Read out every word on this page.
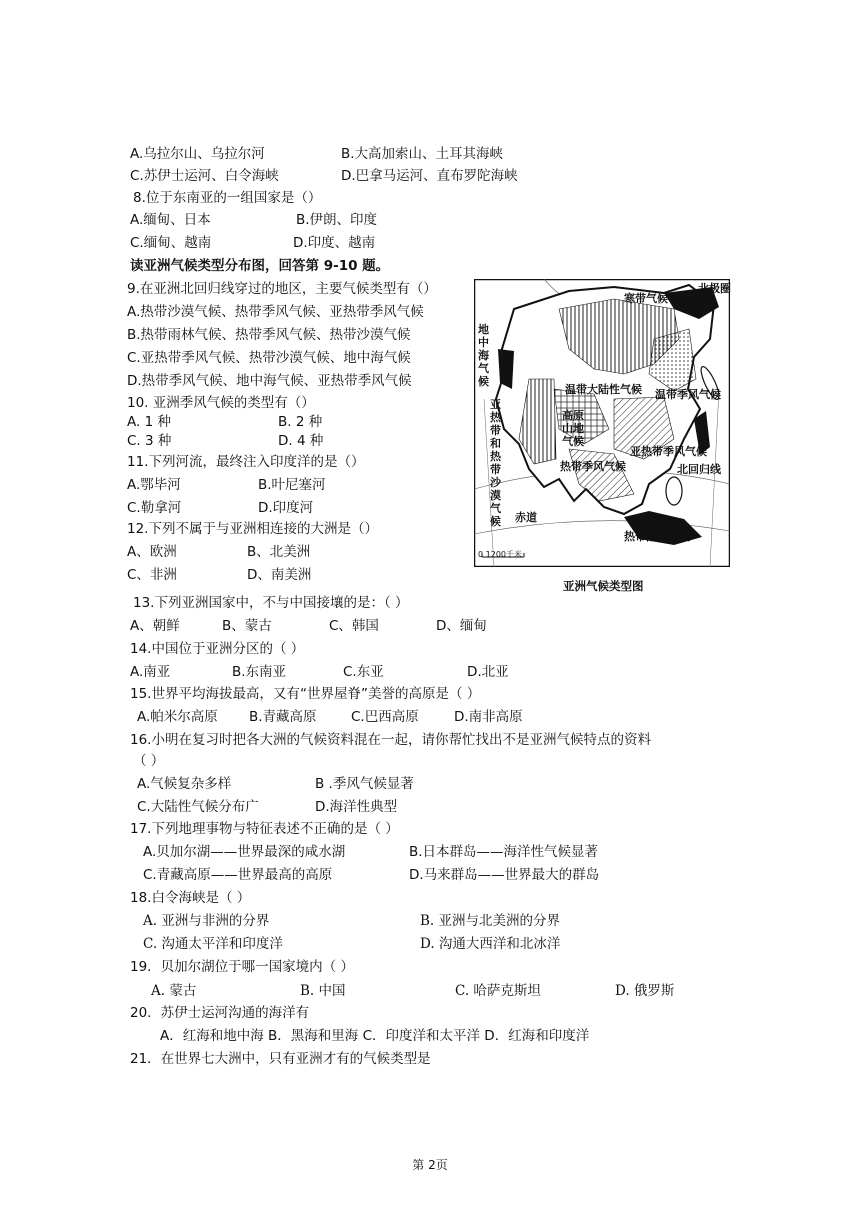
A.乌拉尔山、乌拉尔河	B.大高加索山、土耳其海峡
C.苏伊士运河、白令海峡	D.巴拿马运河、直布罗陀海峡
8.位于东南亚的一组国家是（）
A.缅甸、日本	B.伊朗、印度
C.缅甸、越南	D.印度、越南
读亚洲气候类型分布图，回答第 9-10 题。
9.在亚洲北回归线穿过的地区，主要气候类型有（）
A.热带沙漠气候、热带季风气候、亚热带季风气候
B.热带雨林气候、热带季风气候、热带沙漠气候
C.亚热带季风气候、热带沙漠气候、地中海气候
D.热带季风气候、地中海气候、亚热带季风气候
10. 亚洲季风气候的类型有（）
A. 1 种	B. 2 种
C. 3 种	D. 4 种
11.下列河流，最终注入印度洋的是（）
A.鄂毕河	B.叶尼塞河
C.勒拿河	D.印度河
12.下列不属于与亚洲相连接的大洲是（）
A、欧洲	B、北美洲
C、非洲	D、南美洲
寒带气候
北极圈
地中海气候
温带大陆性气候 温带季风气候
亚热带和热带沙漠气候
高原山地气候
亚热带季风气候
热带季风气候	北回归线
赤道
热带雨林气候
0 1200千米
亚洲气候类型图
13.下列亚洲国家中，不与中国接壤的是：（ ）
A、朝鲜	B、蒙古	C、韩国	D、缅甸
14.中国位于亚洲分区的（ ）
A.南亚	B.东南亚	C.东亚	D.北亚
15.世界平均海拔最高，又有“世界屋脊”美誉的高原是（ ）
A.帕米尔高原 B.青藏高原	C.巴西高原	D.南非高原
16.小明在复习时把各大洲的气候资料混在一起，请你帮忙找出不是亚洲气候特点的资料
（ ）
A.气候复杂多样	B .季风气候显著
C.大陆性气候分布广	D.海洋性典型
17.下列地理事物与特征表述不正确的是（ ）
A.贝加尔湖——世界最深的咸水湖	B.日本群岛——海洋性气候显著
C.青藏高原——世界最高的高原	D.马来群岛——世界最大的群岛
18.白令海峡是（ ）
A. 亚洲与非洲的分界	B. 亚洲与北美洲的分界
C. 沟通太平洋和印度洋	D. 沟通大西洋和北冰洋
19．贝加尔湖位于哪一国家境内（ ）
A. 蒙古	B. 中国	C. 哈萨克斯坦	D. 俄罗斯
20．苏伊士运河沟通的海洋有
A．红海和地中海 B．黑海和里海 C．印度洋和太平洋 D．红海和印度洋
21．在世界七大洲中，只有亚洲才有的气候类型是
第 2页
